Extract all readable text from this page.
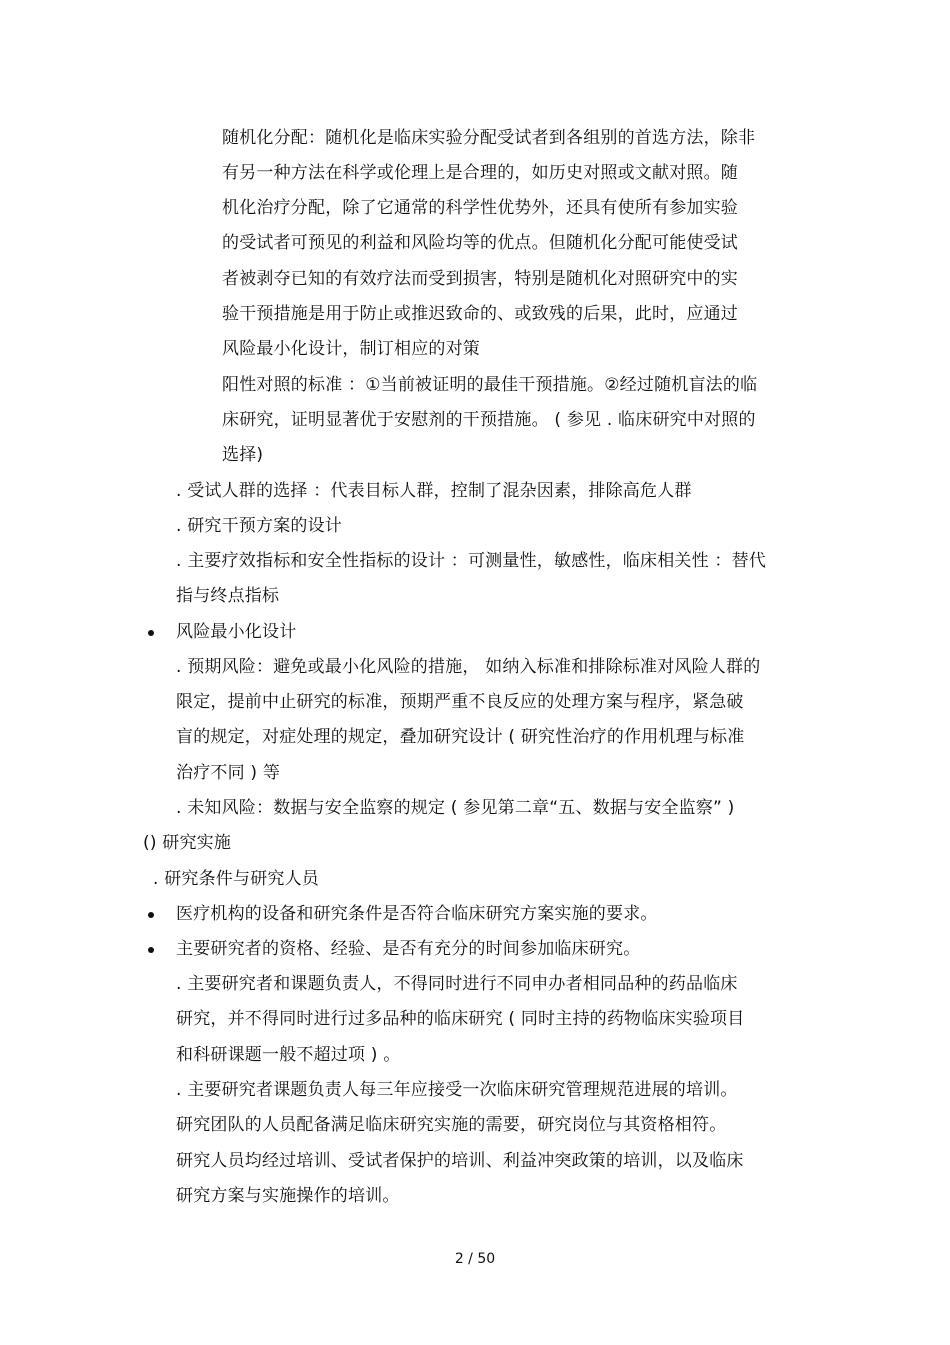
随机化分配：随机化是临床实验分配受试者到各组别的首选方法，除非
有另一种方法在科学或伦理上是合理的，如历史对照或文献对照。随
机化治疗分配，除了它通常的科学性优势外，还具有使所有参加实验
的受试者可预见的利益和风险均等的优点。但随机化分配可能使受试
者被剥夺已知的有效疗法而受到损害，特别是随机化对照研究中的实
验干预措施是用于防止或推迟致命的、或致残的后果，此时，应通过
风险最小化设计，制订相应的对策
阳性对照的标准 ：①当前被证明的最佳干预措施。②经过随机盲法的临
床研究，证明显著优于安慰剂的干预措施。 ( 参见 . 临床研究中对照的
选择)
. 受试人群的选择 ：代表目标人群，控制了混杂因素，排除高危人群
. 研究干预方案的设计
. 主要疗效指标和安全性指标的设计 ：可测量性，敏感性，临床相关性 ：替代
指与终点指标
风险最小化设计
. 预期风险：避免或最小化风险的措施， 如纳入标准和排除标准对风险人群的
限定，提前中止研究的标准，预期严重不良反应的处理方案与程序，紧急破
盲的规定，对症处理的规定，叠加研究设计 ( 研究性治疗的作用机理与标准
治疗不同 ) 等
. 未知风险：数据与安全监察的规定 ( 参见第二章“五、数据与安全监察” )
() 研究实施
. 研究条件与研究人员
医疗机构的设备和研究条件是否符合临床研究方案实施的要求。
主要研究者的资格、经验、是否有充分的时间参加临床研究。
. 主要研究者和课题负责人，不得同时进行不同申办者相同品种的药品临床
研究，并不得同时进行过多品种的临床研究 ( 同时主持的药物临床实验项目
和科研课题一般不超过项 ) 。
. 主要研究者课题负责人每三年应接受一次临床研究管理规范进展的培训。
研究团队的人员配备满足临床研究实施的需要，研究岗位与其资格相符。
研究人员均经过培训、受试者保护的培训、利益冲突政策的培训，以及临床
研究方案与实施操作的培训。
2 / 50
